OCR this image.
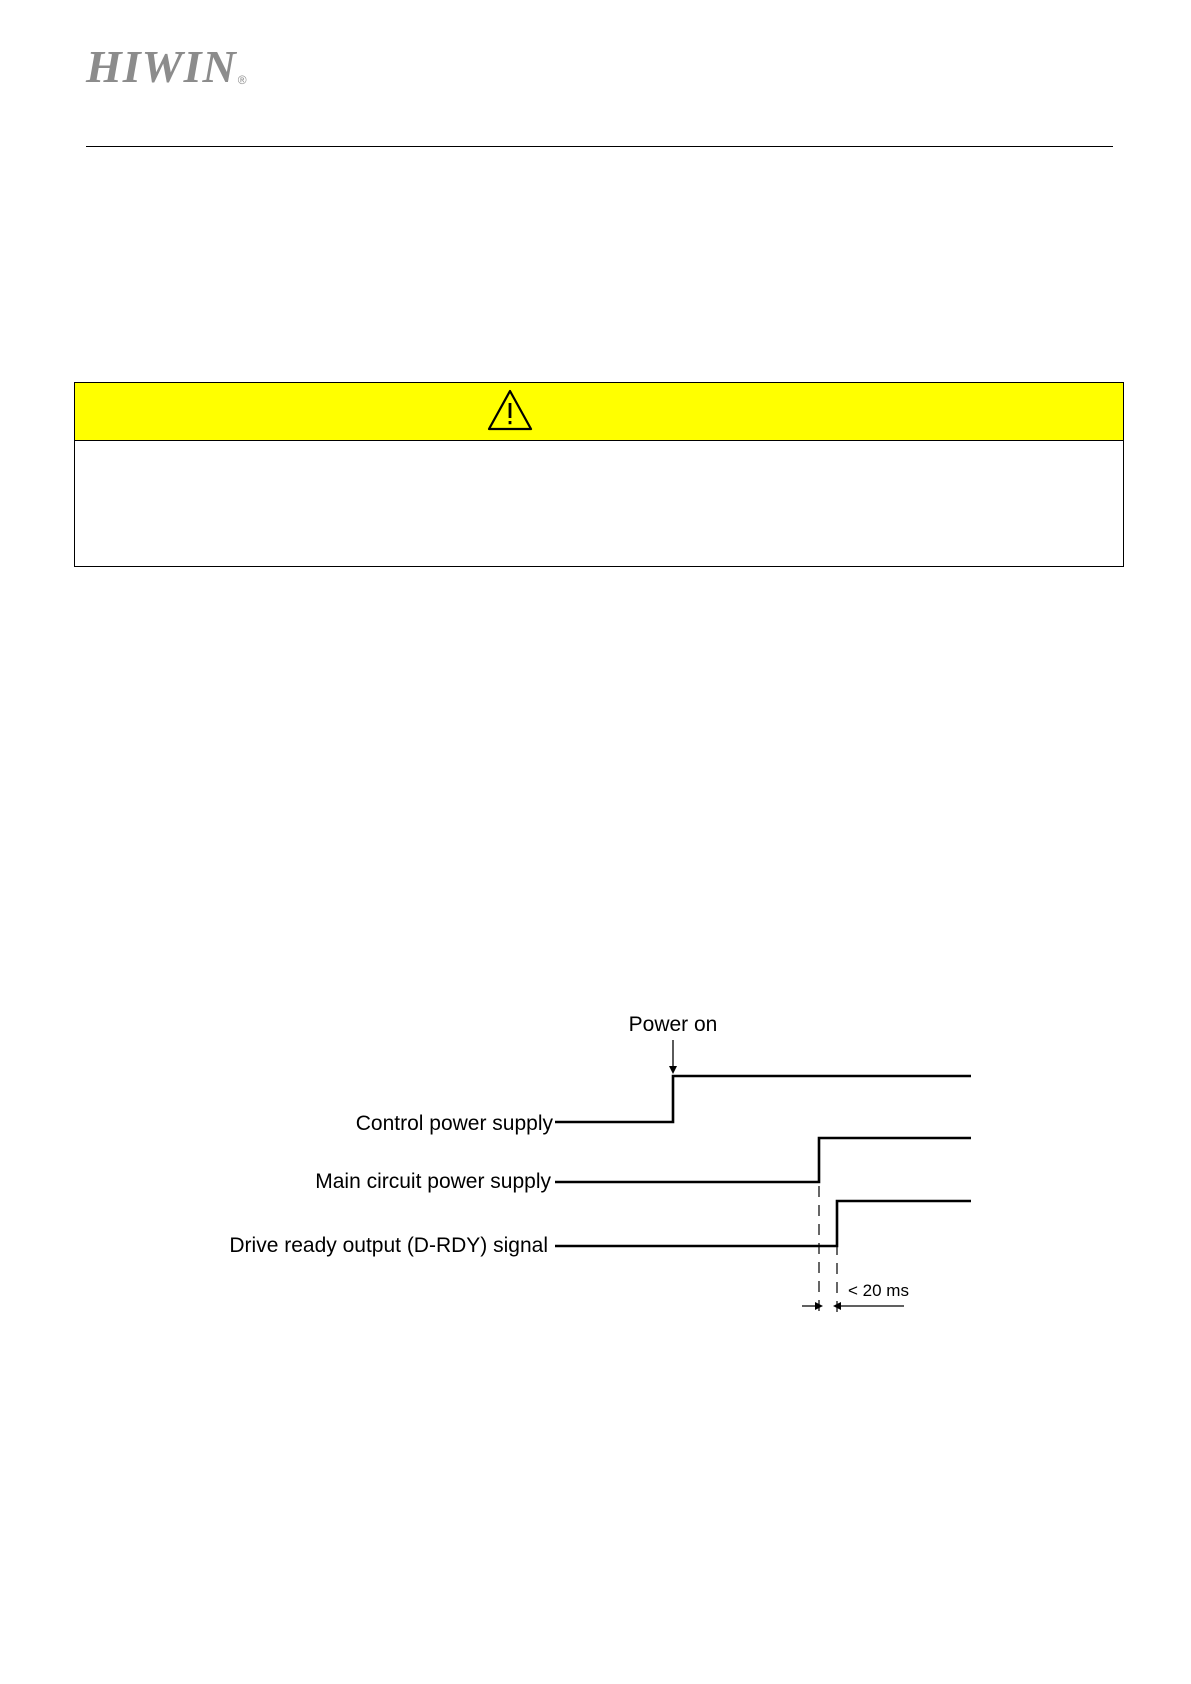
HIWIN ®
Power on
Control power supply
Main circuit power supply
Drive ready output (D-RDY) signal
< 20 ms
